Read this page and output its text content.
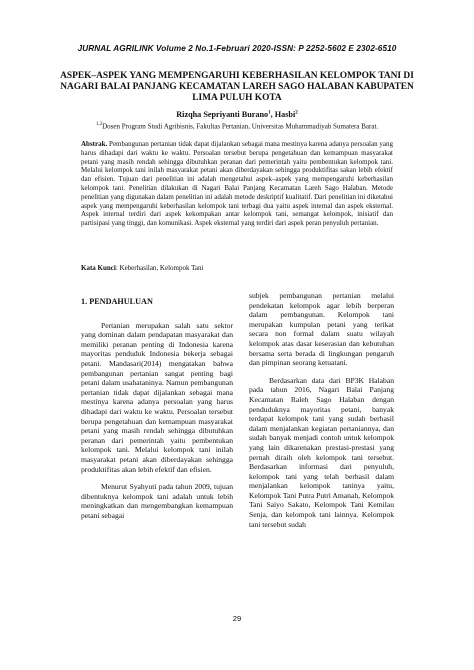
JURNAL AGRILINK Volume 2 No.1-Februari 2020-ISSN: P 2252-5602 E 2302-6510
ASPEK–ASPEK YANG MEMPENGARUHI KEBERHASILAN KELOMPOK TANI DI NAGARI BALAI PANJANG KECAMATAN LAREH SAGO HALABAN KABUPATEN LIMA PULUH KOTA
Rizqha Sepriyanti Burano$^1$, Hasbi$^2$
$^{1,2}$Dosen Program Studi Agribisnis, Fakultas Pertanian, Universitas Muhammadiyah Sumatera Barat.
Abstrak. Pembangunan pertanian tidak dapat dijalankan sebagai mana mestinya karena adanya persoalan yang harus dihadapi dari waktu ke waktu. Persoalan tersebut berupa pengetahuan dan kemampuan masyarakat petani yang masih rendah sehingga dibutuhkan peranan dari pemerintah yaitu pembentukan kelompok tani. Melalui kelompok tani inilah masyarakat petani akan diberdayakan sehingga produktifitas sakan lebih efektif dan efisien. Tujuan dari penelitian ini adalah mengetahui aspek–aspek yang mempengaruhi keberhasilan kelompok tani. Penelitian dilakukan di Nagari Balai Panjang Kecamatan Lareh Sago Halaban. Metode penelitian yang digunakan dalam penelitian ini adalah metode deskriptif kualitatif. Dari penelitian ini diketahui aspek yang mempengaruhi keberhasilan kelompok tani terbagi dua yaitu aspek internal dan aspek eksternal. Aspek internal terdiri dari aspek kekompakan antar kelompok tani, semangat kelompok, inisiatif dan partisipasi yang tinggi, dan komunikasi. Aspek eksternal yang terdiri dari aspek peran penyuluh pertanian.
Kata Kunci: Keberhasilan, Kelompok Tani

1. PENDAHULUAN

Pertanian merupakan salah satu sektor yang dominan dalam pendapatan masyarakat dan memiliki peranan penting di Indonesia karena mayoritas penduduk Indonesia bekerja sebagai petani. Mandasari(2014) mengatakan bahwa pembangunan pertanian sangat penting bagi petani dalam usahataninya. Namun pembangunan pertanian tidak dapat dijalankan sebagai mana mestinya karena adanya persoalan yang harus dihadapi dari waktu ke waktu. Persoalan tersebut berupa pengetahuan dan kemampuan masyarakat petani yang masih rendah sehingga dibutuhkan peranan dari pemerintah yaitu pembentukan kelompok tani. Melalui kelompok tani inilah masyarakat petani akan diberdayakan sehingga produktifitas akan lebih efektif dan efisien.

Menurut Syahyuti pada tahun 2009, tujuan dibentuknya kelompok tani adalah untuk lebih meningkatkan dan mengembangkan kemampuan petani sebagai

subjek pembangunan pertanian melalui pendekatan kelompok agar lebih berperan dalam pembangunan. Kelompok tani merupakan kumpulan petani yang terikat secara non formal dalam suatu wilayah kelompok atas dasar keserasian dan kebutuhan bersama serta berada di lingkungan pengaruh dan pimpinan seorang ketuatani.

Berdasarkan data dari BP3K Halaban pada tahun 2016, Nagari Balai Panjang Kecamatan Raleh Sago Halaban dengan penduduknya mayoritas petani, banyak terdapat kelompok tani yang sudah berhasil dalam menjalankan kegiatan pertaniannya, dan sudah banyak menjadi contoh untuk kelompok yang lain dikarenakan prestasi-prestasi yang pernah diraih oleh kelompok tani tersebut. Berdasarkan informasi dari penyuluh, kelompok tani yang telah berhasil dalam menjalankan kelompok taninya yaitu, Kelompok Tani Putra Putri Amanah, Kelompok Tani Saiyo Sakato, Kelompok Tani Kemilau Senja, dan kelompok tani lainnya. Kelompok tani tersebut sudah

29
